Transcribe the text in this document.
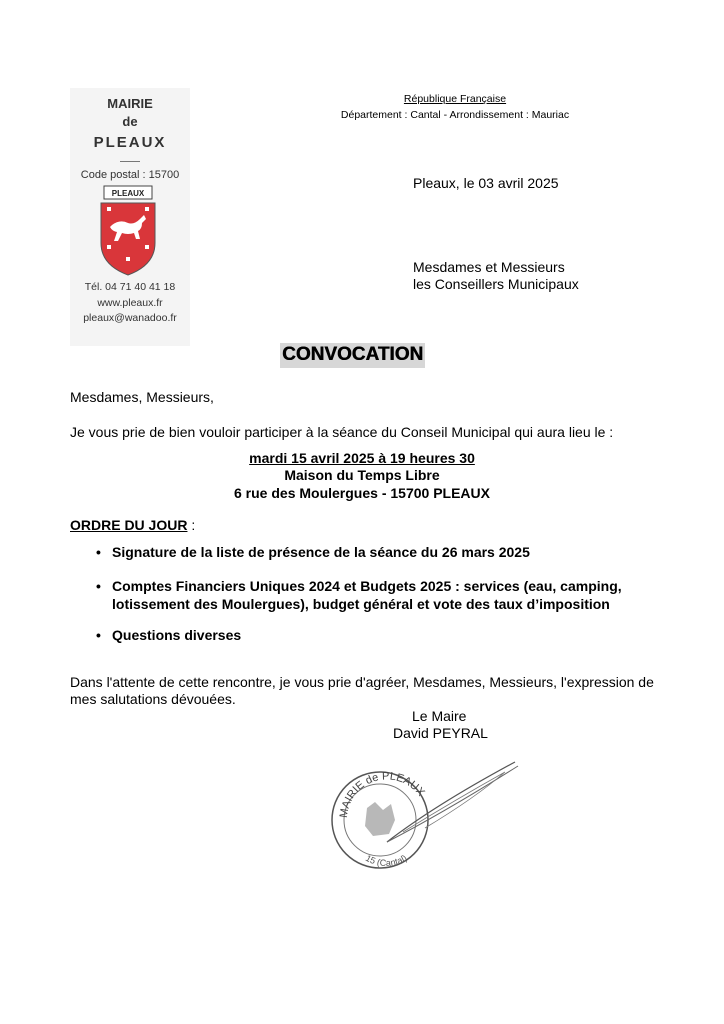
MAIRIE
de
PLEAUX
Code postal : 15700
PLEAUX
Tél. 04 71 40 41 18
www.pleaux.fr
pleaux@wanadoo.fr
République Française
Département : Cantal - Arrondissement : Mauriac
Pleaux, le 03 avril 2025
Mesdames et Messieurs
les Conseillers Municipaux
CONVOCATION
Mesdames, Messieurs,
Je vous prie de bien vouloir participer à la séance du Conseil Municipal qui aura lieu le :
mardi 15 avril 2025 à 19 heures 30
Maison du Temps Libre
6 rue des Moulergues - 15700 PLEAUX
ORDRE DU JOUR :
• Signature de la liste de présence de la séance du 26 mars 2025
• Comptes Financiers Uniques 2024 et Budgets 2025 : services (eau, camping, lotissement des Moulergues), budget général et vote des taux d’imposition
• Questions diverses
Dans l'attente de cette rencontre, je vous prie d'agréer, Mesdames, Messieurs, l'expression de mes salutations dévouées.
Le Maire
David PEYRAL
MAIRIE de PLEAUX
15 (Cantal)
